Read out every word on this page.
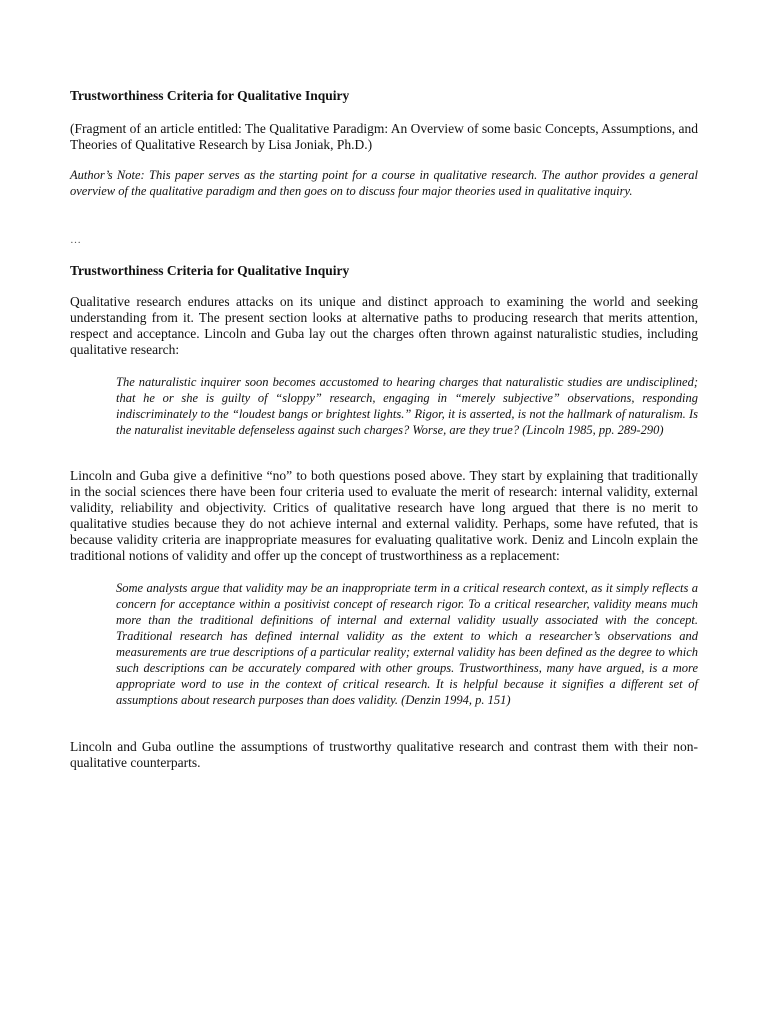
Trustworthiness Criteria for Qualitative Inquiry

(Fragment of an article entitled: The Qualitative Paradigm: An Overview of some basic Concepts, Assumptions, and Theories of Qualitative Research by Lisa Joniak, Ph.D.)

Author’s Note: This paper serves as the starting point for a course in qualitative research. The author provides a general overview of the qualitative paradigm and then goes on to discuss four major theories used in qualitative inquiry.

…

Trustworthiness Criteria for Qualitative Inquiry

Qualitative research endures attacks on its unique and distinct approach to examining the world and seeking understanding from it. The present section looks at alternative paths to producing research that merits attention, respect and acceptance. Lincoln and Guba lay out the charges often thrown against naturalistic studies, including qualitative research:

The naturalistic inquirer soon becomes accustomed to hearing charges that naturalistic studies are undisciplined; that he or she is guilty of “sloppy” research, engaging in “merely subjective” observations, responding indiscriminately to the “loudest bangs or brightest lights.” Rigor, it is asserted, is not the hallmark of naturalism. Is the naturalist inevitable defenseless against such charges? Worse, are they true? (Lincoln 1985, pp. 289-290)

Lincoln and Guba give a definitive “no” to both questions posed above. They start by explaining that traditionally in the social sciences there have been four criteria used to evaluate the merit of research: internal validity, external validity, reliability and objectivity. Critics of qualitative research have long argued that there is no merit to qualitative studies because they do not achieve internal and external validity. Perhaps, some have refuted, that is because validity criteria are inappropriate measures for evaluating qualitative work. Deniz and Lincoln explain the traditional notions of validity and offer up the concept of trustworthiness as a replacement:

Some analysts argue that validity may be an inappropriate term in a critical research context, as it simply reflects a concern for acceptance within a positivist concept of research rigor. To a critical researcher, validity means much more than the traditional definitions of internal and external validity usually associated with the concept. Traditional research has defined internal validity as the extent to which a researcher’s observations and measurements are true descriptions of a particular reality; external validity has been defined as the degree to which such descriptions can be accurately compared with other groups. Trustworthiness, many have argued, is a more appropriate word to use in the context of critical research. It is helpful because it signifies a different set of assumptions about research purposes than does validity. (Denzin 1994, p. 151)

Lincoln and Guba outline the assumptions of trustworthy qualitative research and contrast them with their non-qualitative counterparts.
